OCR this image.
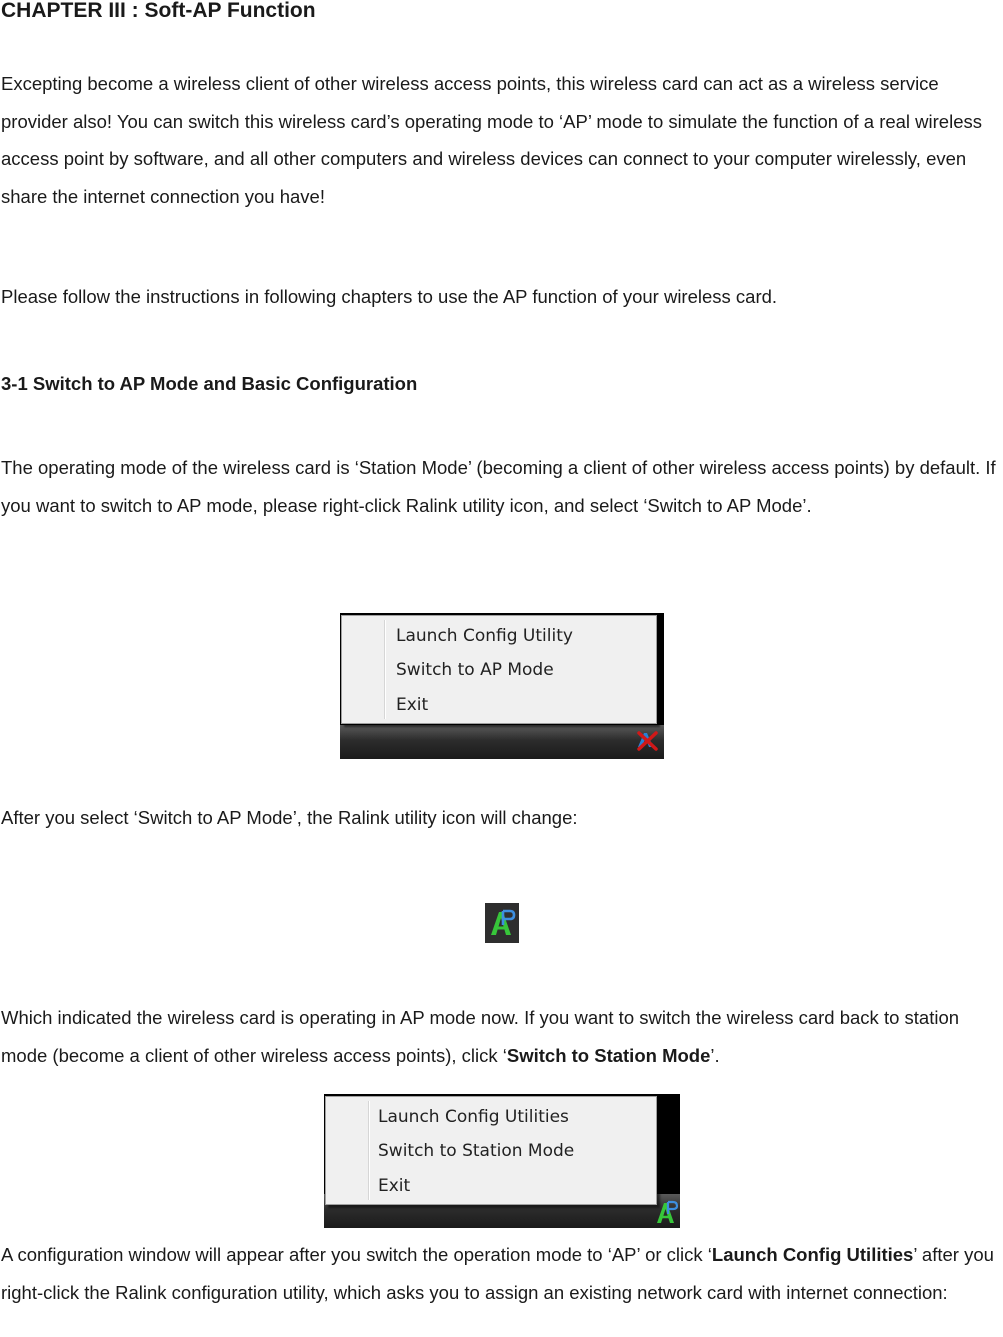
CHAPTER III : Soft-AP Function

Excepting become a wireless client of other wireless access points, this wireless card can act as a wireless service provider also! You can switch this wireless card’s operating mode to ‘AP’ mode to simulate the function of a real wireless access point by software, and all other computers and wireless devices can connect to your computer wirelessly, even share the internet connection you have!

Please follow the instructions in following chapters to use the AP function of your wireless card.

3-1 Switch to AP Mode and Basic Configuration

The operating mode of the wireless card is ‘Station Mode’ (becoming a client of other wireless access points) by default. If you want to switch to AP mode, please right-click Ralink utility icon, and select ‘Switch to AP Mode’.

Launch Config Utility
Switch to AP Mode
Exit

After you select ‘Switch to AP Mode’, the Ralink utility icon will change:

Which indicated the wireless card is operating in AP mode now. If you want to switch the wireless card back to station mode (become a client of other wireless access points), click ‘Switch to Station Mode’.

Launch Config Utilities
Switch to Station Mode
Exit

A configuration window will appear after you switch the operation mode to ‘AP’ or click ‘Launch Config Utilities’ after you right-click the Ralink configuration utility, which asks you to assign an existing network card with internet connection:
